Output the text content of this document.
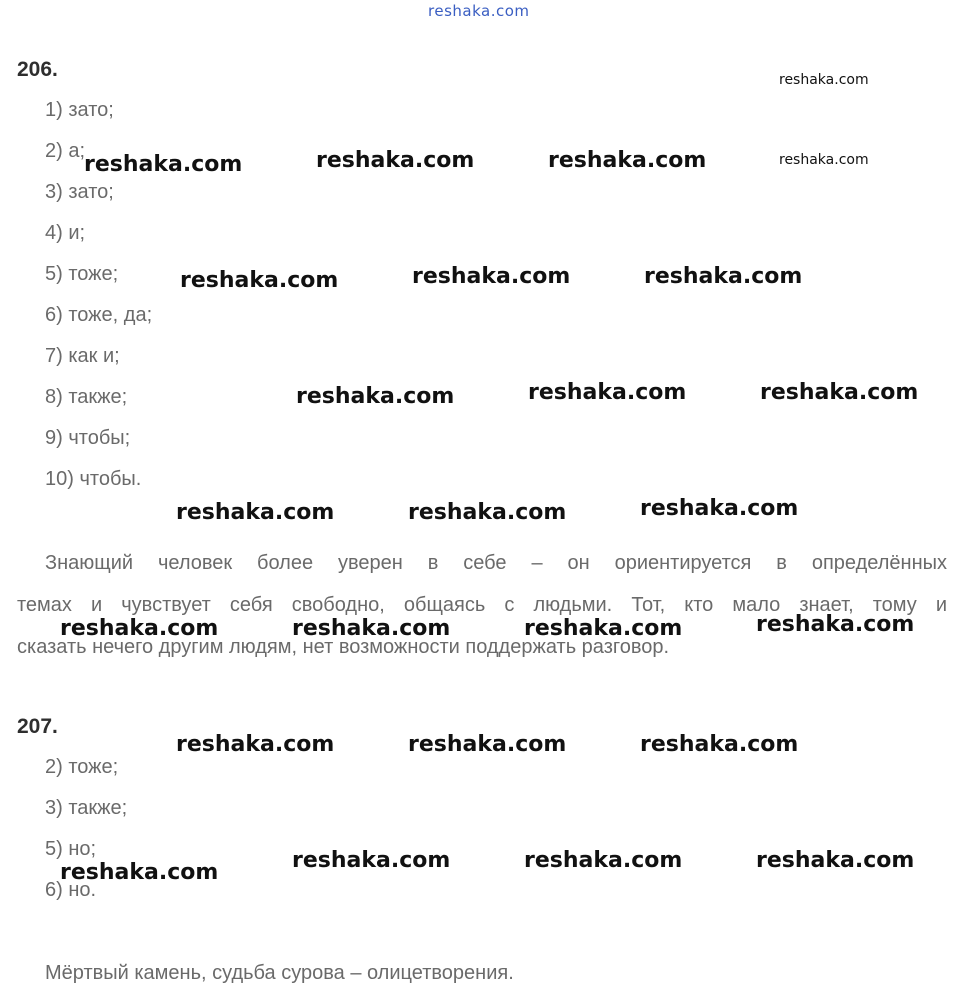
reshaka.com
206.
1) зато;
2) а;
3) зато;
4) и;
5) тоже;
6) тоже, да;
7) как и;
8) также;
9) чтобы;
10) чтобы.
Знающий человек более уверен в себе – он ориентируется в определённых
темах и чувствует себя свободно, общаясь с людьми. Тот, кто мало знает, тому и
сказать нечего другим людям, нет возможности поддержать разговор.
207.
2) тоже;
3) также;
5) но;
6) но.
Мёртвый камень, судьба сурова – олицетворения.
reshaka.com
reshaka.com
reshaka.com	reshaka.com	reshaka.com
reshaka.com	reshaka.com	reshaka.com
reshaka.com	reshaka.com	reshaka.com
reshaka.com	reshaka.com	reshaka.com
reshaka.com	reshaka.com	reshaka.com	reshaka.com
reshaka.com	reshaka.com	reshaka.com
reshaka.com	reshaka.com	reshaka.com	reshaka.com
